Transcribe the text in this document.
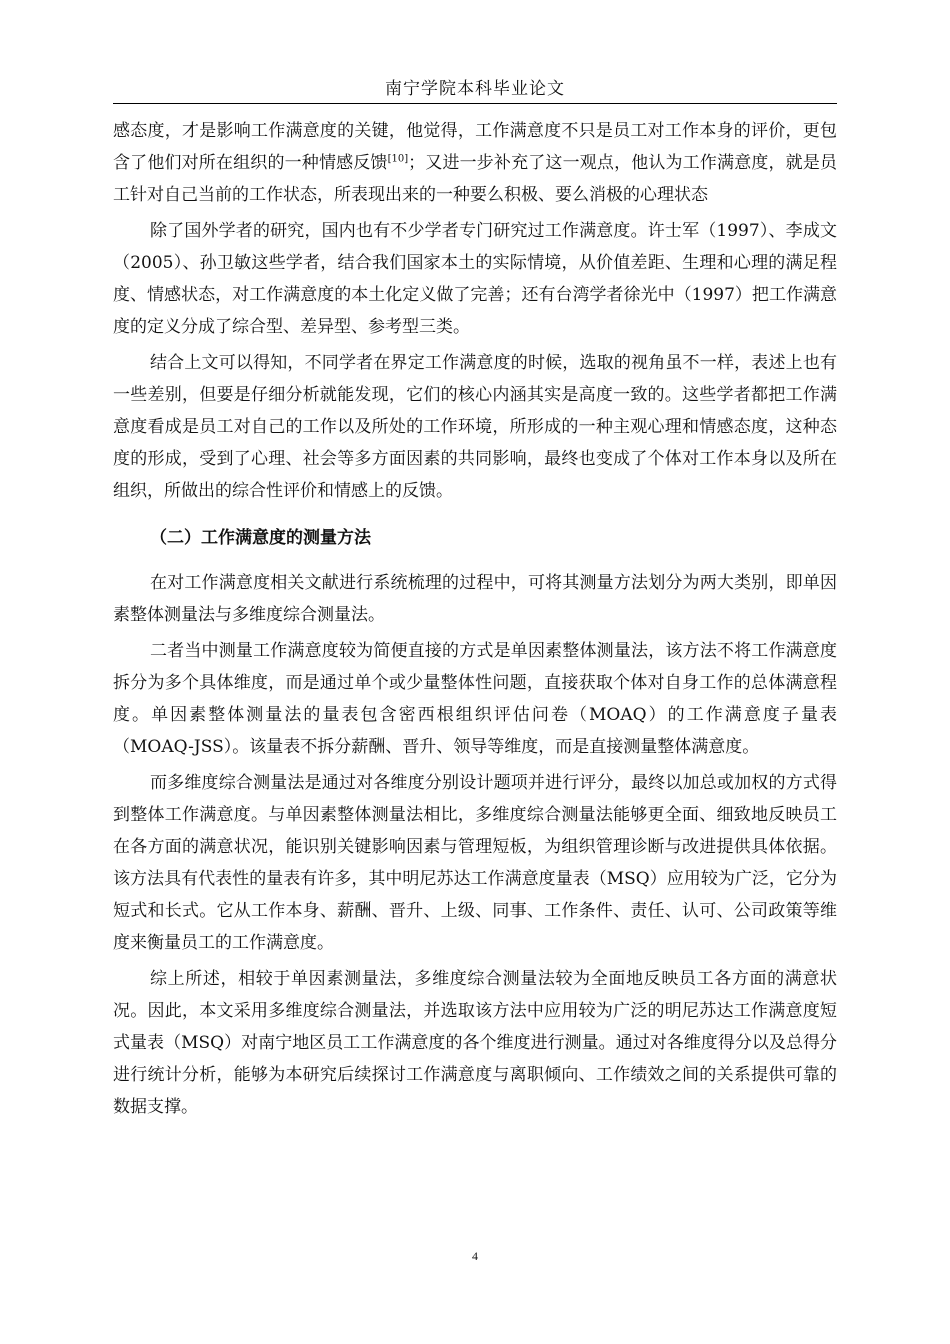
南宁学院本科毕业论文

感态度，才是影响工作满意度的关键，他觉得，工作满意度不只是员工对工作本身的评价，更包含了他们对所在组织的一种情感反馈[10]；又进一步补充了这一观点，他认为工作满意度，就是员工针对自己当前的工作状态，所表现出来的一种要么积极、要么消极的心理状态

除了国外学者的研究，国内也有不少学者专门研究过工作满意度。许士军（1997）、李成文（2005）、孙卫敏这些学者，结合我们国家本土的实际情境，从价值差距、生理和心理的满足程度、情感状态，对工作满意度的本土化定义做了完善；还有台湾学者徐光中（1997）把工作满意度的定义分成了综合型、差异型、参考型三类。

结合上文可以得知，不同学者在界定工作满意度的时候，选取的视角虽不一样，表述上也有一些差别，但要是仔细分析就能发现，它们的核心内涵其实是高度一致的。这些学者都把工作满意度看成是员工对自己的工作以及所处的工作环境，所形成的一种主观心理和情感态度，这种态度的形成，受到了心理、社会等多方面因素的共同影响，最终也变成了个体对工作本身以及所在组织，所做出的综合性评价和情感上的反馈。

（二）工作满意度的测量方法

在对工作满意度相关文献进行系统梳理的过程中，可将其测量方法划分为两大类别，即单因素整体测量法与多维度综合测量法。

二者当中测量工作满意度较为简便直接的方式是单因素整体测量法，该方法不将工作满意度拆分为多个具体维度，而是通过单个或少量整体性问题，直接获取个体对自身工作的总体满意程度。单因素整体测量法的量表包含密西根组织评估问卷（MOAQ）的工作满意度子量表（MOAQ-JSS）。该量表不拆分薪酬、晋升、领导等维度，而是直接测量整体满意度。

而多维度综合测量法是通过对各维度分别设计题项并进行评分，最终以加总或加权的方式得到整体工作满意度。与单因素整体测量法相比，多维度综合测量法能够更全面、细致地反映员工在各方面的满意状况，能识别关键影响因素与管理短板，为组织管理诊断与改进提供具体依据。该方法具有代表性的量表有许多，其中明尼苏达工作满意度量表（MSQ）应用较为广泛，它分为短式和长式。它从工作本身、薪酬、晋升、上级、同事、工作条件、责任、认可、公司政策等维度来衡量员工的工作满意度。

综上所述，相较于单因素测量法，多维度综合测量法较为全面地反映员工各方面的满意状况。因此，本文采用多维度综合测量法，并选取该方法中应用较为广泛的明尼苏达工作满意度短式量表（MSQ）对南宁地区员工工作满意度的各个维度进行测量。通过对各维度得分以及总得分进行统计分析，能够为本研究后续探讨工作满意度与离职倾向、工作绩效之间的关系提供可靠的数据支撑。

4
